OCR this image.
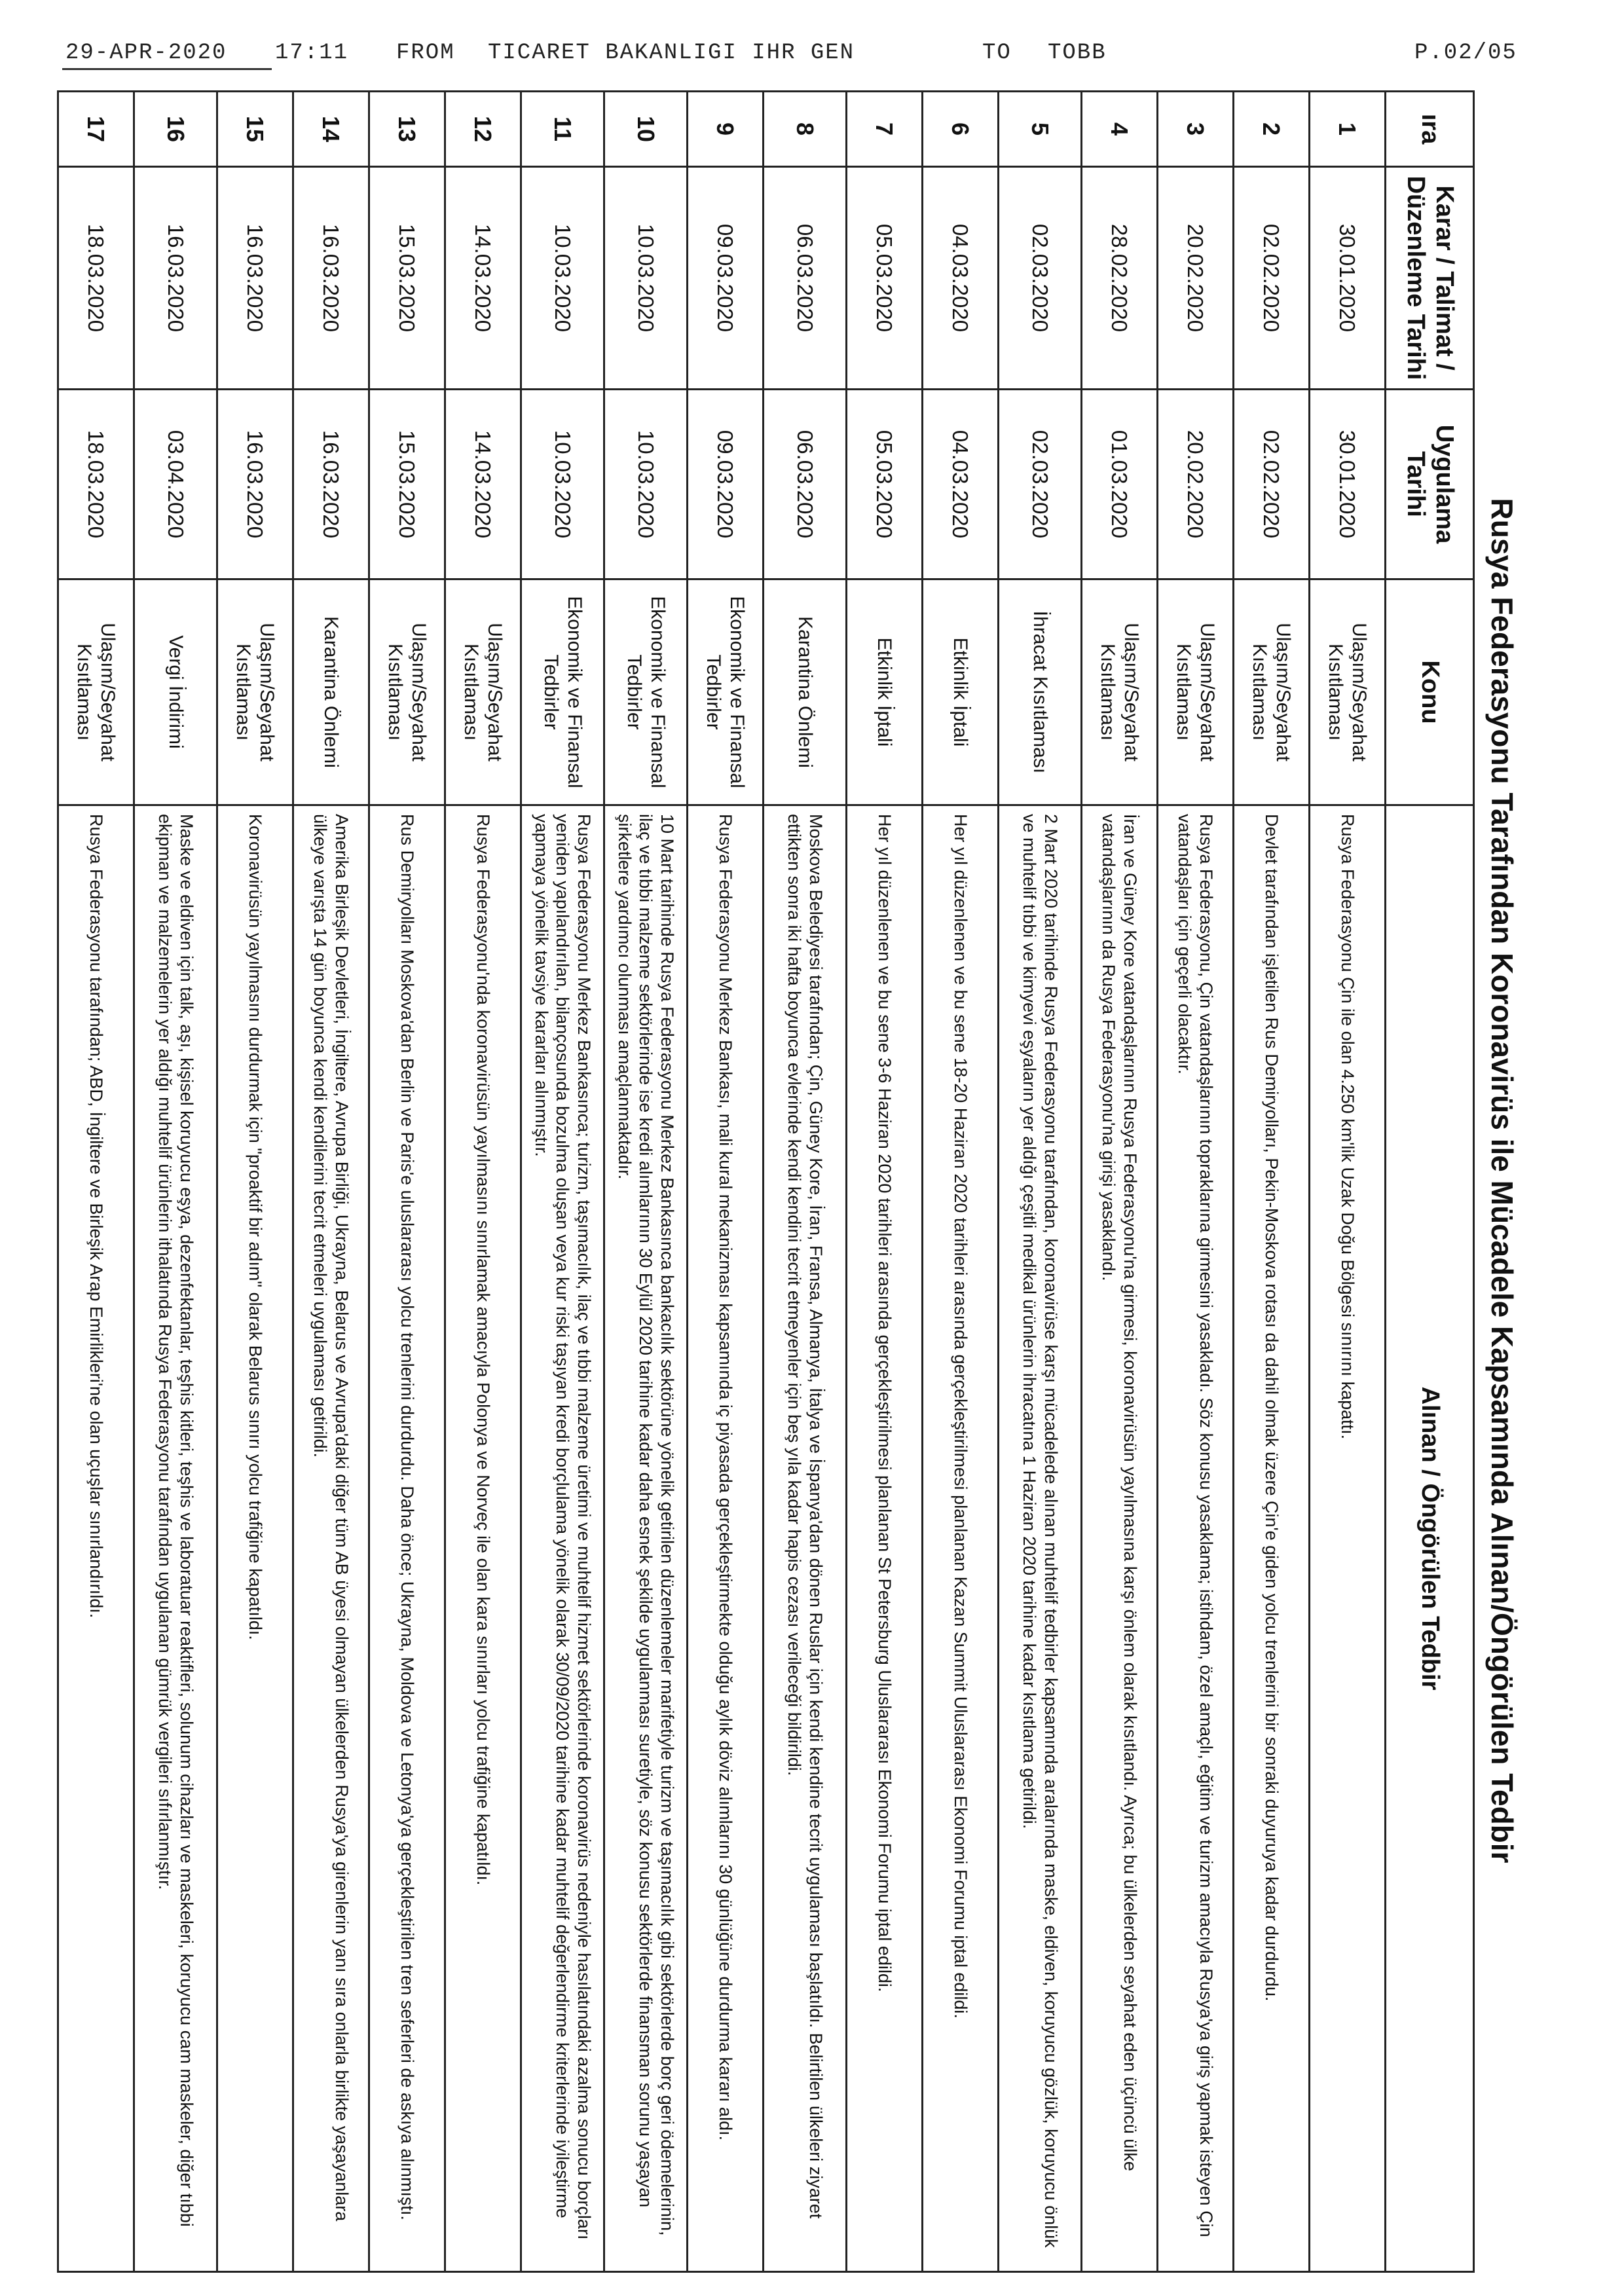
29-APR-2020 17:11 FROM TICARET BAKANLIGI IHR GEN	TO TOBB	P.02/05
Rusya Federasyonu Tarafından Koronavirüs ile Mücadele Kapsamında Alınan/Öngörülen Tedbir
ıra	Karar / Talimat / Düzenleme Tarihi	Uygulama Tarihi	Konu	Alınan / Öngörülen Tedbir
1	30.01.2020	30.01.2020	Ulaşım/Seyahat Kısıtlaması	Rusya Federasyonu Çin ile olan 4.250 km'lik Uzak Doğu Bölgesi sınırını kapattı.
2	02.02.2020	02.02.2020	Ulaşım/Seyahat Kısıtlaması	Devlet tarafından işletilen Rus Demiryolları, Pekin-Moskova rotası da dahil olmak üzere Çin'e giden yolcu trenlerini bir sonraki duyuruya kadar durdurdu.
3	20.02.2020	20.02.2020	Ulaşım/Seyahat Kısıtlaması	Rusya Federasyonu, Çin vatandaşlarının topraklarına girmesini yasakladı. Söz konusu yasaklama; istihdam, özel amaçlı, eğitim ve turizm amacıyla Rusya'ya giriş yapmak isteyen Çin vatandaşları için geçerli olacaktır.
4	28.02.2020	01.03.2020	Ulaşım/Seyahat Kısıtlaması	İran ve Güney Kore vatandaşlarının Rusya Federasyonu'na girmesi, koronavirüsün yayılmasına karşı önlem olarak kısıtlandı. Ayrıca; bu ülkelerden seyahat eden üçüncü ülke vatandaşlarının da Rusya Federasyonu'na girişi yasaklandı.
5	02.03.2020	02.03.2020	İhracat Kısıtlaması	2 Mart 2020 tarihinde Rusya Federasyonu tarafından, koronavirüse karşı mücadelede alınan muhtelif tedbirler kapsamında aralarında maske, eldiven, koruyucu gözlük, koruyucu önlük ve muhtelif tıbbi ve kimyevi eşyaların yer aldığı çeşitli medikal ürünlerin ihracatına 1 Haziran 2020 tarihine kadar kısıtlama getirildi.
6	04.03.2020	04.03.2020	Etkinlik İptali	Her yıl düzenlenen ve bu sene 18-20 Haziran 2020 tarihleri arasında gerçekleştirilmesi planlanan Kazan Summit Uluslararası Ekonomi Forumu iptal edildi.
7	05.03.2020	05.03.2020	Etkinlik İptali	Her yıl düzenlenen ve bu sene 3-6 Haziran 2020 tarihleri arasında gerçekleştirilmesi planlanan St Petersburg Uluslararası Ekonomi Forumu iptal edildi.
8	06.03.2020	06.03.2020	Karantina Önlemi	Moskova Belediyesi tarafından; Çin, Güney Kore, İran, Fransa, Almanya, İtalya ve İspanya'dan dönen Ruslar için kendi kendine tecrit uygulaması başlatıldı. Belirtilen ülkeleri ziyaret ettikten sonra iki hafta boyunca evlerinde kendi kendini tecrit etmeyenler için beş yıla kadar hapis cezası verileceği bildirildi.
9	09.03.2020	09.03.2020	Ekonomik ve Finansal Tedbirler	Rusya Federasyonu Merkez Bankası, mali kural mekanizması kapsamında iç piyasada gerçekleştirmekte olduğu aylık döviz alımlarını 30 günlüğüne durdurma kararı aldı.
10	10.03.2020	10.03.2020	Ekonomik ve Finansal Tedbirler	10 Mart tarihinde Rusya Federasyonu Merkez Bankasınca bankacılık sektörüne yönelik getirilen düzenlemeler marifetiyle turizm ve taşımacılık gibi sektörlerde borç geri ödemelerinin, ilaç ve tıbbi malzeme sektörlerinde ise kredi alımlarının 30 Eylül 2020 tarihine kadar daha esnek şekilde uygulanması suretiyle, söz konusu sektörlerde finansman sorunu yaşayan şirketlere yardımcı olunması amaçlanmaktadır.
11	10.03.2020	10.03.2020	Ekonomik ve Finansal Tedbirler	Rusya Federasyonu Merkez Bankasınca; turizm, taşımacılık, ilaç ve tıbbi malzeme üretimi ve muhtelif hizmet sektörlerinde koronavirüs nedeniyle hasılatındaki azalma sonucu borçları yeniden yapılandırılan, bilançosunda bozulma oluşan veya kur riski taşıyan kredi borçlulama yönelik olarak 30/09/2020 tarihine kadar muhtelif değerlendirme kriterlerinde iyileştirme yapmaya yönelik tavsiye kararları alınmıştır.
12	14.03.2020	14.03.2020	Ulaşım/Seyahat Kısıtlaması	Rusya Federasyonu'nda koronavirüsün yayılmasını sınırlamak amacıyla Polonya ve Norveç ile olan kara sınırları yolcu trafiğine kapatıldı.
13	15.03.2020	15.03.2020	Ulaşım/Seyahat Kısıtlaması	Rus Demiryolları Moskova'dan Berlin ve Paris'e uluslararası yolcu trenlerini durdurdu. Daha önce; Ukrayna, Moldova ve Letonya'ya gerçekleştirilen tren seferleri de askıya alınmıştı.
14	16.03.2020	16.03.2020	Karantina Önlemi	Amerika Birleşik Devletleri, İngiltere, Avrupa Birliği, Ukrayna, Belarus ve Avrupa'daki diğer tüm AB üyesi olmayan ülkelerden Rusya'ya girenlerin yanı sıra onlarla birlikte yaşayanlara ülkeye varışta 14 gün boyunca kendi kendilerini tecrit etmeleri uygulaması getirildi.
15	16.03.2020	16.03.2020	Ulaşım/Seyahat Kısıtlaması	Koronavirüsün yayılmasını durdurmak için "proaktif bir adım" olarak Belarus sınırı yolcu trafiğine kapatıldı.
16	16.03.2020	03.04.2020	Vergi İndirimi	Maske ve eldiven için talk, aşı, kişisel koruyucu eşya, dezenfektanlar, teşhis kitleri, teşhis ve laboratuar reaktifleri, solunum cihazları ve maskeleri, koruyucu cam maskeler, diğer tıbbi ekipman ve malzemelerin yer aldığı muhtelif ürünlerin ithalatında Rusya Federasyonu tarafından uygulanan gümrük vergileri sıfırlanmıştır.
17	18.03.2020	18.03.2020	Ulaşım/Seyahat Kısıtlaması	Rusya Federasyonu tarafından; ABD, İngiltere ve Birleşik Arap Emirlikleri'ne olan uçuşlar sınırlandırıldı.
